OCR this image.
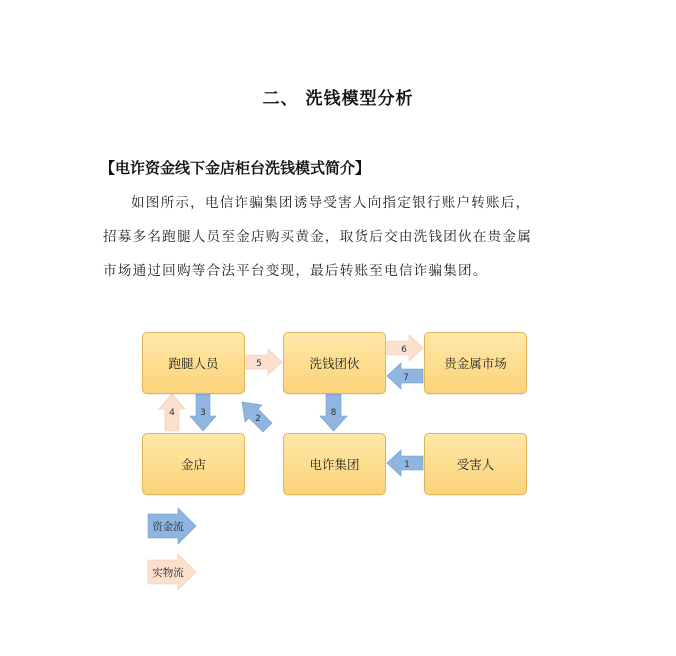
二、 洗钱模型分析
【电诈资金线下金店柜台洗钱模式简介】
如图所示，电信诈骗集团诱导受害人向指定银行账户转账后，
招募多名跑腿人员至金店购买黄金，取货后交由洗钱团伙在贵金属
市场通过回购等合法平台变现，最后转账至电信诈骗集团。
5
6
7
8
1
3
4
2
资金流
实物流
跑腿人员	洗钱团伙	贵金属市场
金店	电诈集团	受害人
